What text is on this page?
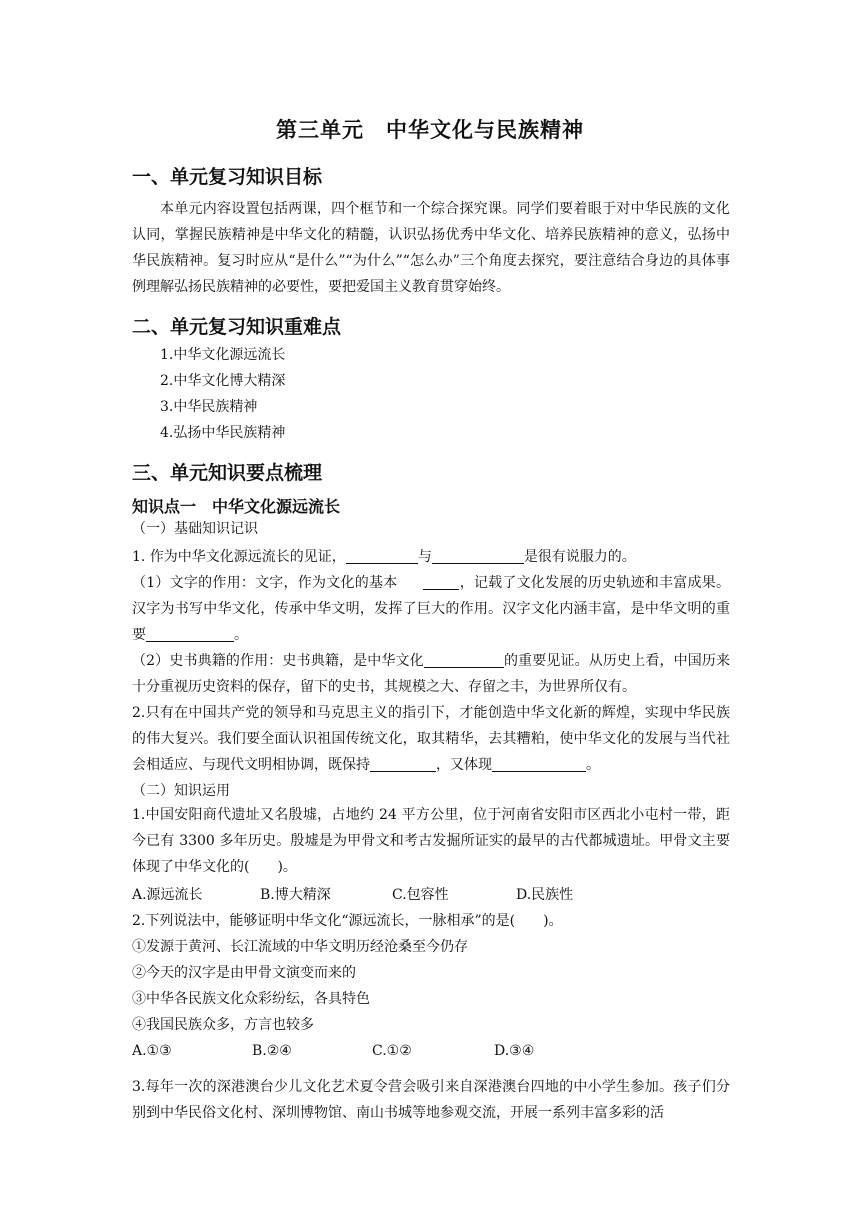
第三单元　中华文化与民族精神
一、单元复习知识目标
本单元内容设置包括两课，四个框节和一个综合探究课。同学们要着眼于对中华民族的文化认同，掌握民族精神是中华文化的精髓，认识弘扬优秀中华文化、培养民族精神的意义，弘扬中华民族精神。复习时应从“是什么”“为什么”“怎么办”三个角度去探究，要注意结合身边的具体事例理解弘扬民族精神的必要性，要把爱国主义教育贯穿始终。
二、单元复习知识重难点
1.中华文化源远流长
2.中华文化博大精深
3.中华民族精神
4.弘扬中华民族精神
三、单元知识要点梳理
知识点一　中华文化源远流长
（一）基础知识记识
1. 作为中华文化源远流长的见证，	与	是很有说服力的。
（1）文字的作用：文字，作为文化的基本	，记载了文化发展的历史轨迹和丰富成果。汉字为书写中华文化，传承中华文明，发挥了巨大的作用。汉字文化内涵丰富，是中华文明的重要	。
（2）史书典籍的作用：史书典籍，是中华文化	的重要见证。从历史上看，中国历来十分重视历史资料的保存，留下的史书，其规模之大、存留之丰，为世界所仅有。
2.只有在中国共产党的领导和马克思主义的指引下，才能创造中华文化新的辉煌，实现中华民族的伟大复兴。我们要全面认识祖国传统文化，取其精华，去其糟粕，使中华文化的发展与当代社会相适应、与现代文明相协调，既保持	，又体现	。
（二）知识运用
1.中国安阳商代遗址又名殷墟，占地约 24 平方公里，位于河南省安阳市区西北小屯村一带，距今已有 3300 多年历史。殷墟是为甲骨文和考古发掘所证实的最早的古代都城遗址。甲骨文主要体现了中华文化的(　　)。
A.源远流长	B.博大精深	C.包容性	D.民族性
2.下列说法中，能够证明中华文化“源远流长，一脉相承”的是(　　)。
①发源于黄河、长江流域的中华文明历经沧桑至今仍存
②今天的汉字是由甲骨文演变而来的
③中华各民族文化众彩纷纭，各具特色
④我国民族众多，方言也较多
A.①③	B.②④	C.①②	D.③④
3.每年一次的深港澳台少儿文化艺术夏令营会吸引来自深港澳台四地的中小学生参加。孩子们分别到中华民俗文化村、深圳博物馆、南山书城等地参观交流，开展一系列丰富多彩的活
